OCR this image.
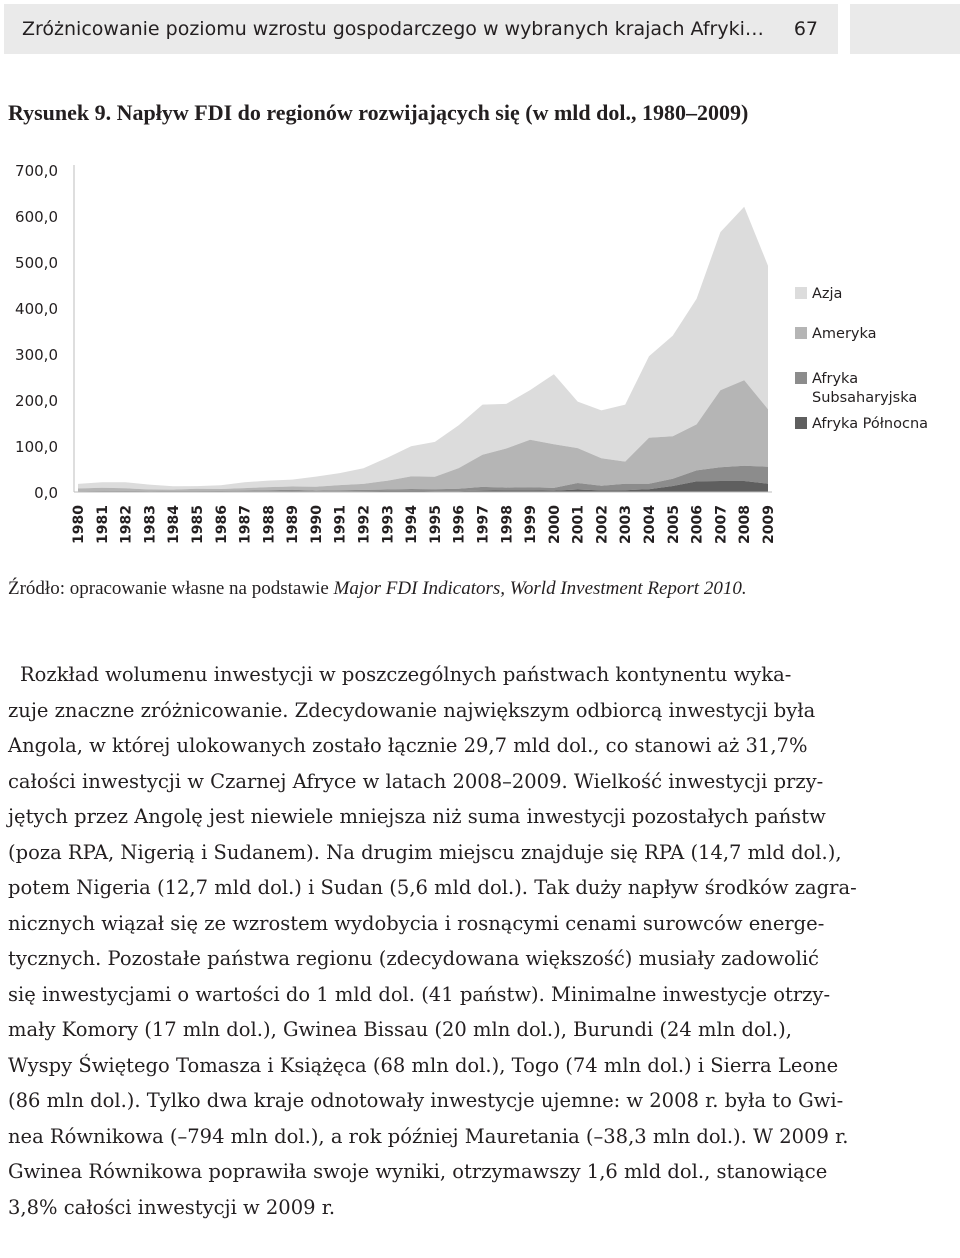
Zróżnicowanie poziomu wzrostu gospodarczego w wybranych krajach Afryki… 67
Rysunek 9. Napływ FDI do regionów rozwijających się (w mld dol., 1980–2009)
0,0
100,0
200,0
300,0
400,0
500,0
600,0
700,0
1980 1981 1982 1983 1984 1985 1986 1987 1988 1989 1990 1991 1992 1993 1994 1995 1996 1997 1998 1999 2000 2001 2002 2003 2004 2005 2006 2007 2008 2009
Azja
Ameryka
Afryka
Subsaharyjska
Afryka Północna
Źródło: opracowanie własne na podstawie Major FDI Indicators, World Investment Report 2010.

Rozkład wolumenu inwestycji w poszczególnych państwach kontynentu wyka-
zuje znaczne zróżnicowanie. Zdecydowanie największym odbiorcą inwestycji była
Angola, w której ulokowanych zostało łącznie 29,7 mld dol., co stanowi aż 31,7%
całości inwestycji w Czarnej Afryce w latach 2008–2009. Wielkość inwestycji przy-
jętych przez Angolę jest niewiele mniejsza niż suma inwestycji pozostałych państw
(poza RPA, Nigerią i Sudanem). Na drugim miejscu znajduje się RPA (14,7 mld dol.),
potem Nigeria (12,7 mld dol.) i Sudan (5,6 mld dol.). Tak duży napływ środków zagra-
nicznych wiązał się ze wzrostem wydobycia i rosnącymi cenami surowców energe-
tycznych. Pozostałe państwa regionu (zdecydowana większość) musiały zadowolić
się inwestycjami o wartości do 1 mld dol. (41 państw). Minimalne inwestycje otrzy-
mały Komory (17 mln dol.), Gwinea Bissau (20 mln dol.), Burundi (24 mln dol.),
Wyspy Świętego Tomasza i Książęca (68 mln dol.), Togo (74 mln dol.) i Sierra Leone
(86 mln dol.). Tylko dwa kraje odnotowały inwestycje ujemne: w 2008 r. była to Gwi-
nea Równikowa (–794 mln dol.), a rok później Mauretania (–38,3 mln dol.). W 2009 r.
Gwinea Równikowa poprawiła swoje wyniki, otrzymawszy 1,6 mld dol., stanowiące
3,8% całości inwestycji w 2009 r.
